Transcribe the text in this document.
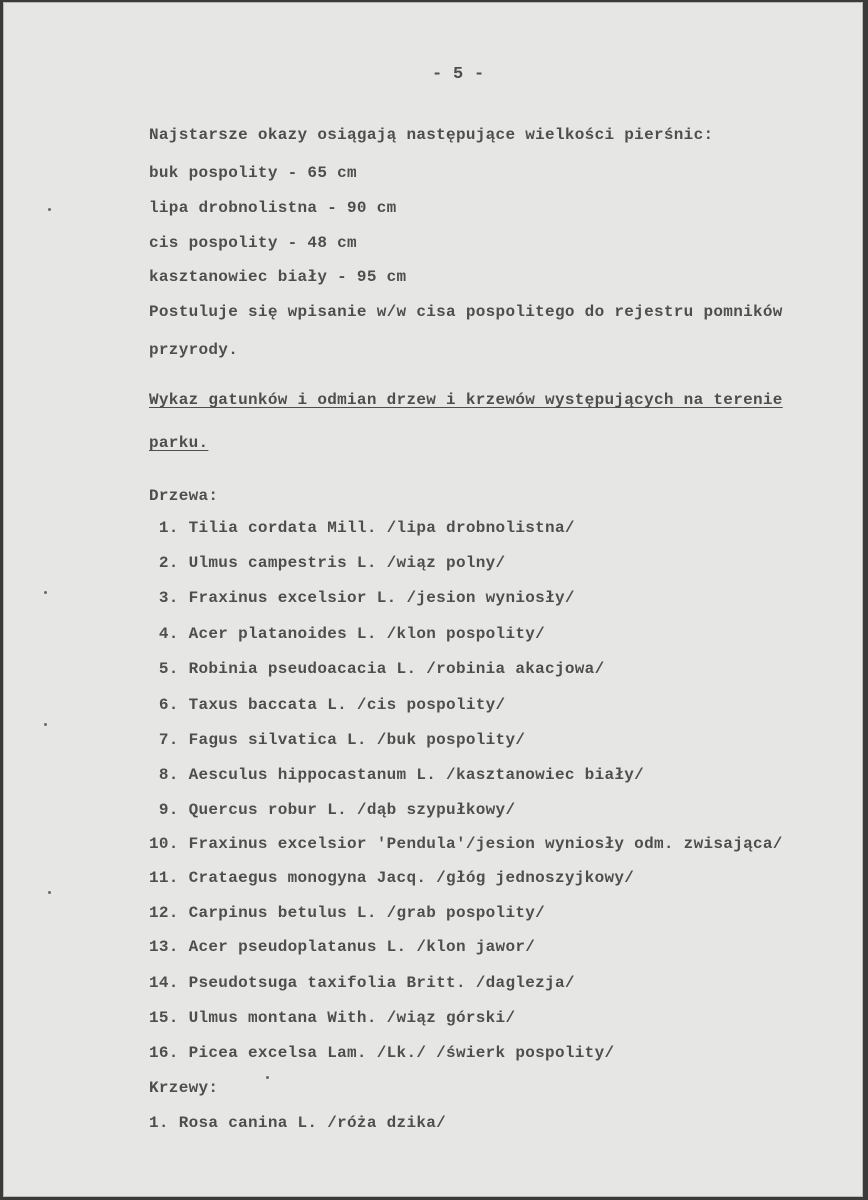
- 5 -
Najstarsze okazy osiągają następujące wielkości pierśnic:
buk pospolity - 65 cm
lipa drobnolistna - 90 cm
cis pospolity - 48 cm
kasztanowiec biały - 95 cm
Postuluje się wpisanie w/w cisa pospolitego do rejestru pomników
przyrody.
Wykaz gatunków i odmian drzew i krzewów występujących na terenie
parku.
Drzewa:
1. Tilia cordata Mill. /lipa drobnolistna/
2. Ulmus campestris L. /wiąz polny/
3. Fraxinus excelsior L. /jesion wyniosły/
4. Acer platanoides L. /klon pospolity/
5. Robinia pseudoacacia L. /robinia akacjowa/
6. Taxus baccata L. /cis pospolity/
7. Fagus silvatica L. /buk pospolity/
8. Aesculus hippocastanum L. /kasztanowiec biały/
9. Quercus robur L. /dąb szypułkowy/
10. Fraxinus excelsior 'Pendula'/jesion wyniosły odm. zwisająca/
11. Crataegus monogyna Jacq. /głóg jednoszyjkowy/
12. Carpinus betulus L. /grab pospolity/
13. Acer pseudoplatanus L. /klon jawor/
14. Pseudotsuga taxifolia Britt. /daglezja/
15. Ulmus montana With. /wiąz górski/
16. Picea excelsa Lam. /Lk./ /świerk pospolity/
Krzewy:
1. Rosa canina L. /róża dzika/
